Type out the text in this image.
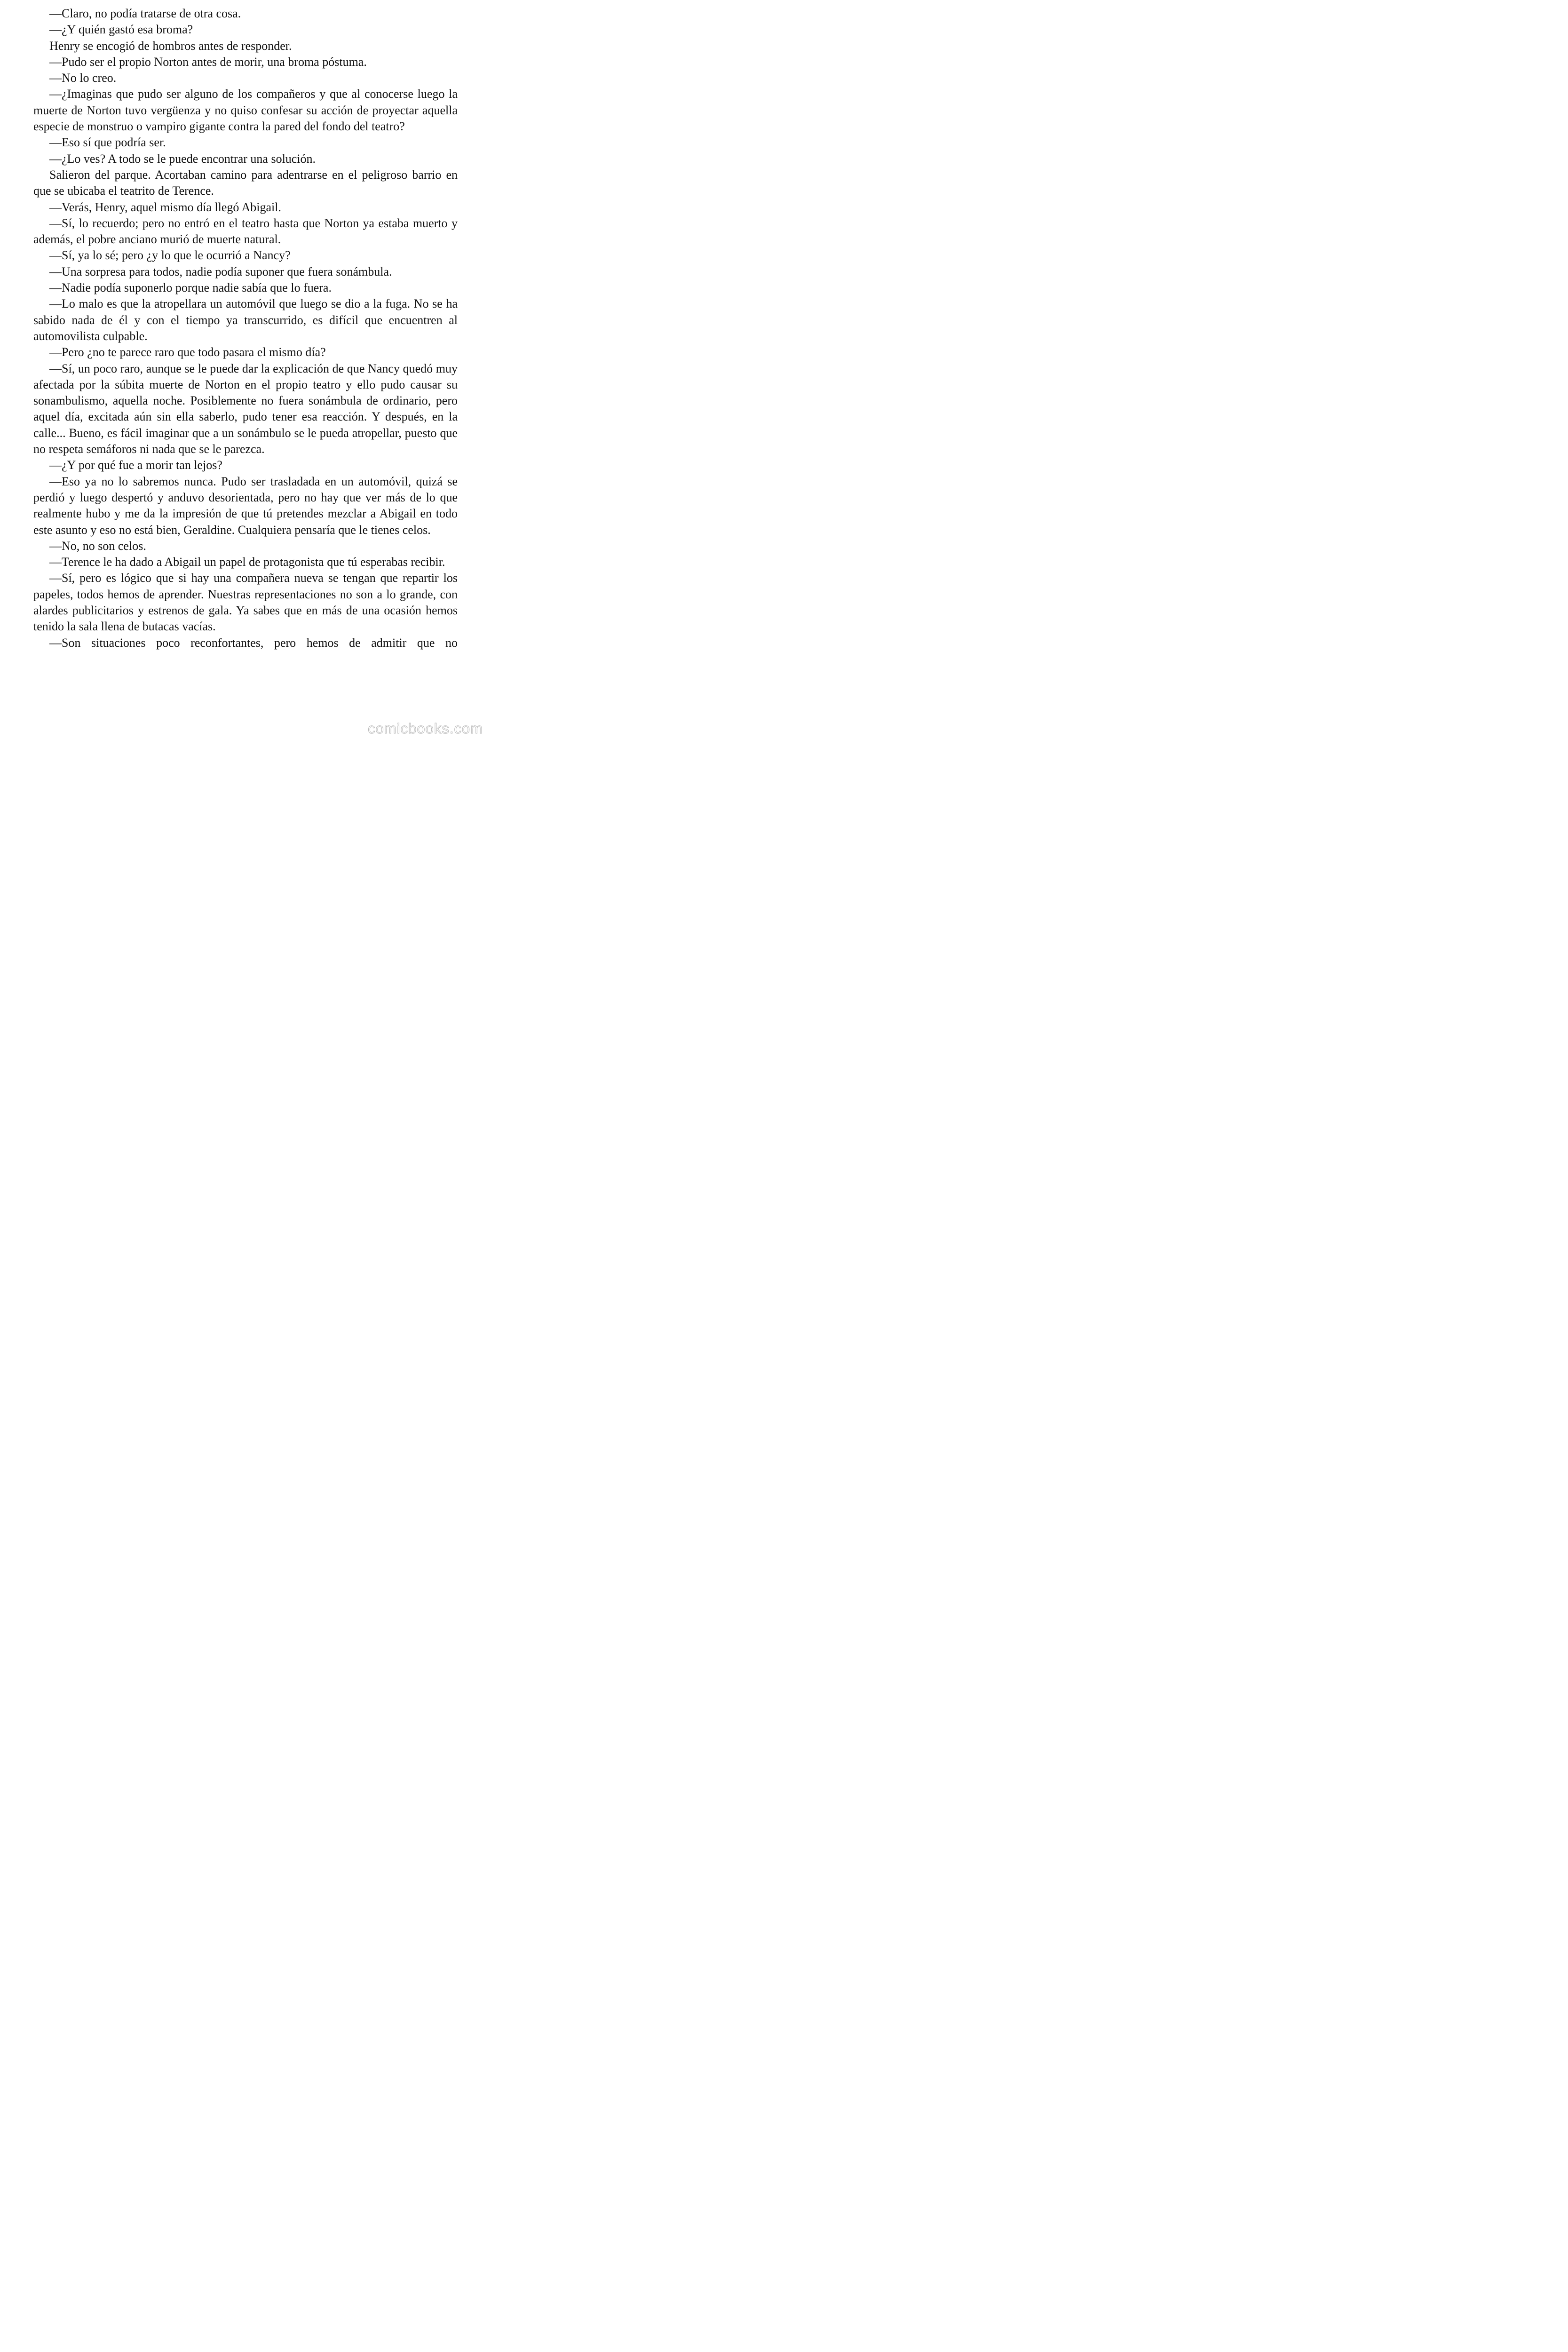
—Claro, no podía tratarse de otra cosa.

—¿Y quién gastó esa broma?

Henry se encogió de hombros antes de responder.

—Pudo ser el propio Norton antes de morir, una broma póstuma.

—No lo creo.

—¿Imaginas que pudo ser alguno de los compañeros y que al conocerse luego la muerte de Norton tuvo vergüenza y no quiso confesar su acción de proyectar aquella especie de monstruo o vampiro gigante contra la pared del fondo del teatro?

—Eso sí que podría ser.

—¿Lo ves? A todo se le puede encontrar una solución.

Salieron del parque. Acortaban camino para adentrarse en el peligroso barrio en que se ubicaba el teatrito de Terence.

—Verás, Henry, aquel mismo día llegó Abigail.

—Sí, lo recuerdo; pero no entró en el teatro hasta que Norton ya estaba muerto y además, el pobre anciano murió de muerte natural.

—Sí, ya lo sé; pero ¿y lo que le ocurrió a Nancy?

—Una sorpresa para todos, nadie podía suponer que fuera sonámbula.

—Nadie podía suponerlo porque nadie sabía que lo fuera.

—Lo malo es que la atropellara un automóvil que luego se dio a la fuga. No se ha sabido nada de él y con el tiempo ya transcurrido, es difícil que encuentren al automovilista culpable.

—Pero ¿no te parece raro que todo pasara el mismo día?

—Sí, un poco raro, aunque se le puede dar la explicación de que Nancy quedó muy afectada por la súbita muerte de Norton en el propio teatro y ello pudo causar su sonambulismo, aquella noche. Posiblemente no fuera sonámbula de ordinario, pero aquel día, excitada aún sin ella saberlo, pudo tener esa reacción. Y después, en la calle... Bueno, es fácil imaginar que a un sonámbulo se le pueda atropellar, puesto que no respeta semáforos ni nada que se le parezca.

—¿Y por qué fue a morir tan lejos?

—Eso ya no lo sabremos nunca. Pudo ser trasladada en un automóvil, quizá se perdió y luego despertó y anduvo desorientada, pero no hay que ver más de lo que realmente hubo y me da la impresión de que tú pretendes mezclar a Abigail en todo este asunto y eso no está bien, Geraldine. Cualquiera pensaría que le tienes celos.

—No, no son celos.

—Terence le ha dado a Abigail un papel de protagonista que tú esperabas recibir.

—Sí, pero es lógico que si hay una compañera nueva se tengan que repartir los papeles, todos hemos de aprender. Nuestras representaciones no son a lo grande, con alardes publicitarios y estrenos de gala. Ya sabes que en más de una ocasión hemos tenido la sala llena de butacas vacías.

—Son situaciones poco reconfortantes, pero hemos de admitir que no

comicbooks.com
